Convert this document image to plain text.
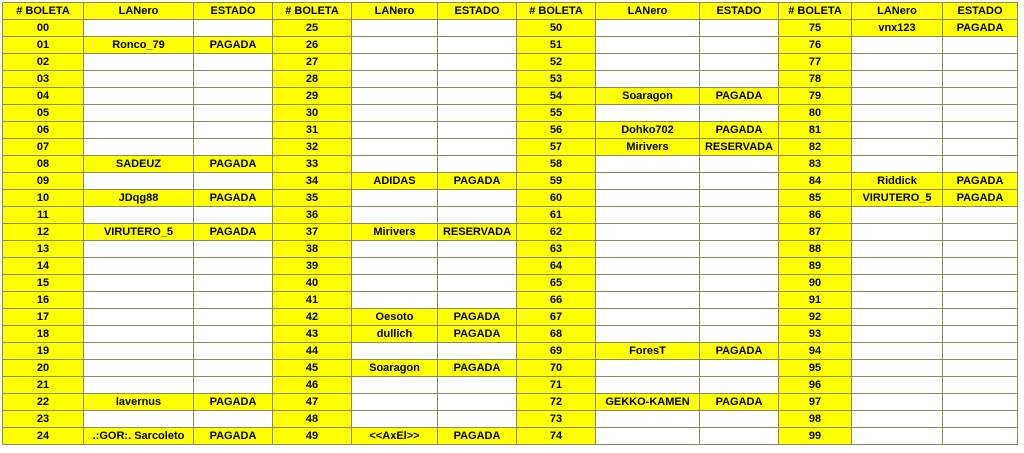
# BOLETA	LANero	ESTADO	# BOLETA	LANero	ESTADO	# BOLETA	LANero	ESTADO	# BOLETA	LANero	ESTADO
00			25			50			75	vnx123	PAGADA
01	Ronco_79	PAGADA	26			51			76		
02			27			52			77		
03			28			53			78		
04			29			54	Soaragon	PAGADA	79		
05			30			55			80		
06			31			56	Dohko702	PAGADA	81		
07			32			57	Mirivers	RESERVADA	82		
08	SADEUZ	PAGADA	33			58			83		
09			34	ADIDAS	PAGADA	59			84	Riddick	PAGADA
10	JDqg88	PAGADA	35			60			85	VIRUTERO_5	PAGADA
11			36			61			86		
12	VIRUTERO_5	PAGADA	37	Mirivers	RESERVADA	62			87		
13			38			63			88		
14			39			64			89		
15			40			65			90		
16			41			66			91		
17			42	Oesoto	PAGADA	67			92		
18			43	dullich	PAGADA	68			93		
19			44			69	ForesT	PAGADA	94		
20			45	Soaragon	PAGADA	70			95		
21			46			71			96		
22	lavernus	PAGADA	47			72	GEKKO-KAMEN	PAGADA	97		
23			48			73			98		
24	.:GOR:. Sarcoleto	PAGADA	49	<<AxEl>>	PAGADA	74			99		
